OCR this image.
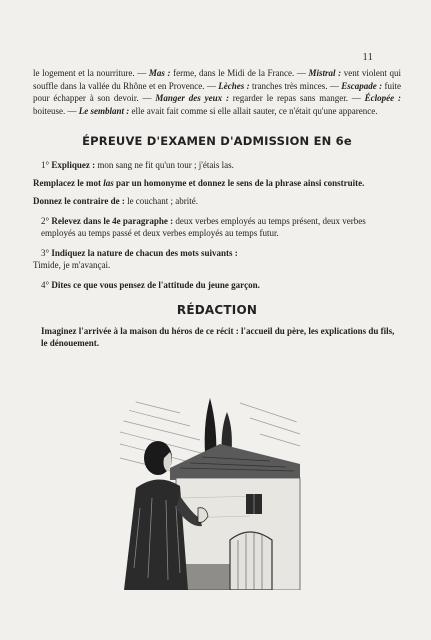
11

le logement et la nourriture. — Mas : ferme, dans le Midi de la France. — Mistral : vent violent qui souffle dans la vallée du Rhône et en Provence. — Lèches : tranches très minces. — Escapade : fuite pour échapper à son devoir. — Manger des yeux : regarder le repas sans manger. — Éclopée : boiteuse. — Le semblant : elle avait fait comme si elle allait sauter, ce n'était qu'une apparence.

ÉPREUVE D'EXAMEN D'ADMISSION EN 6e

1° Expliquez : mon sang ne fit qu'un tour ; j'étais las.

Remplacez le mot las par un homonyme et donnez le sens de la phrase ainsi construite.

Donnez le contraire de : le couchant ; abrité.

2° Relevez dans le 4e paragraphe : deux verbes employés au temps présent, deux verbes employés au temps passé et deux verbes employés au temps futur.

3° Indiquez la nature de chacun des mots suivants :

Timide, je m'avançai.

4° Dites ce que vous pensez de l'attitude du jeune garçon.

RÉDACTION

Imaginez l'arrivée à la maison du héros de ce récit : l'accueil du père, les explications du fils, le dénouement.
